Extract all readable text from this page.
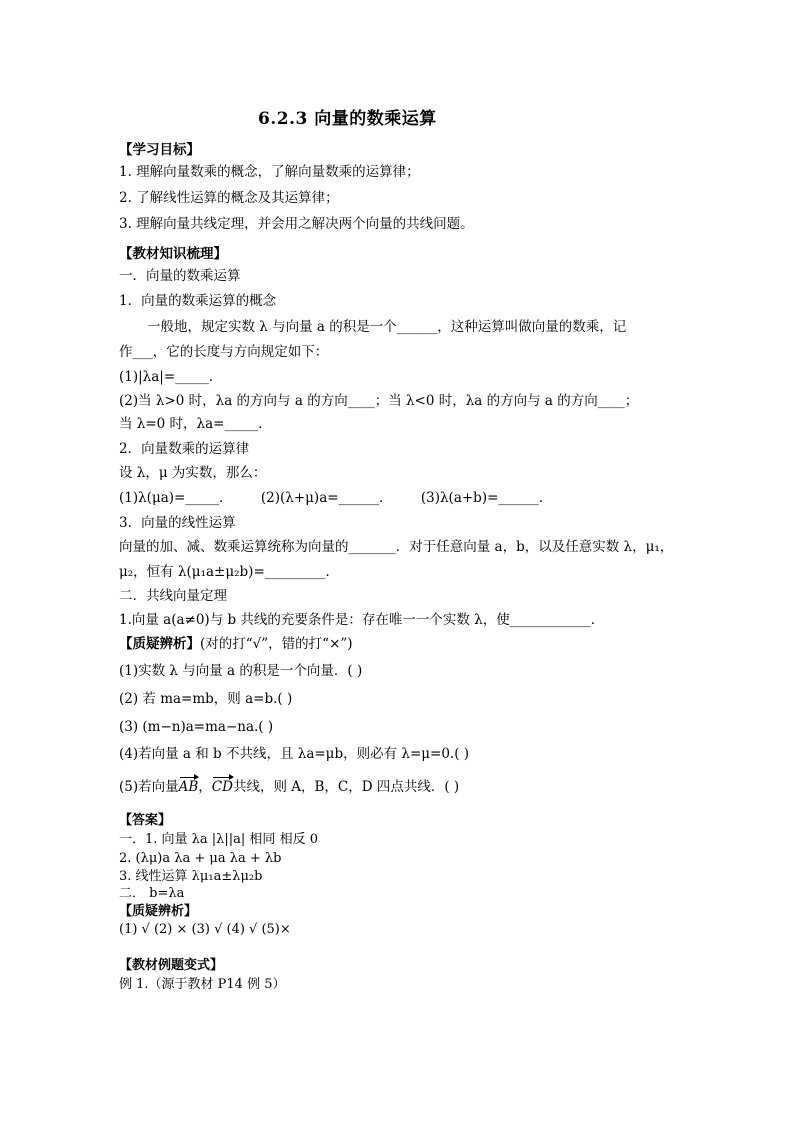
6.2.3 向量的数乘运算
【学习目标】
1. 理解向量数乘的概念，了解向量数乘的运算律；
2. 了解线性运算的概念及其运算律；
3. 理解向量共线定理，并会用之解决两个向量的共线问题。
【教材知识梳理】
一．向量的数乘运算
1．向量的数乘运算的概念
一般地，规定实数 λ 与向量 a 的积是一个______，这种运算叫做向量的数乘，记
作___，它的长度与方向规定如下：
(1)|λa|=_____．
(2)当 λ>0 时，λa 的方向与 a 的方向____；当 λ<0 时，λa 的方向与 a 的方向____；
当 λ=0 时，λa=_____．
2．向量数乘的运算律
设 λ，μ 为实数，那么：
(1)λ(μa)=_____． (2)(λ+μ)a=______． (3)λ(a+b)=______．
3．向量的线性运算
向量的加、减、数乘运算统称为向量的_______．对于任意向量 a，b，以及任意实数 λ，μ₁，
μ₂，恒有 λ(μ₁a±μ₂b)=_________．
二．共线向量定理
1.向量 a(a≠0)与 b 共线的充要条件是：存在唯一一个实数 λ，使____________．
【质疑辨析】(对的打“√”，错的打“×”)
(1)实数 λ 与向量 a 的积是一个向量．( )
(2) 若 ma=mb，则 a=b.( )
(3) (m−n)a=ma−na.( )
(4)若向量 a 和 b 不共线，且 λa=μb，则必有 λ=μ=0.( )
(5)若向量AB，CD共线，则 A，B，C，D 四点共线．( )
【答案】
一．1. 向量 λa |λ||a| 相同 相反 0
2. (λμ)a λa + μa λa + λb
3. 线性运算 λμ₁a±λμ₂b
二． b=λa
【质疑辨析】
(1) √ (2) × (3) √ (4) √ (5)×
【教材例题变式】
例 1.（源于教材 P14 例 5）
